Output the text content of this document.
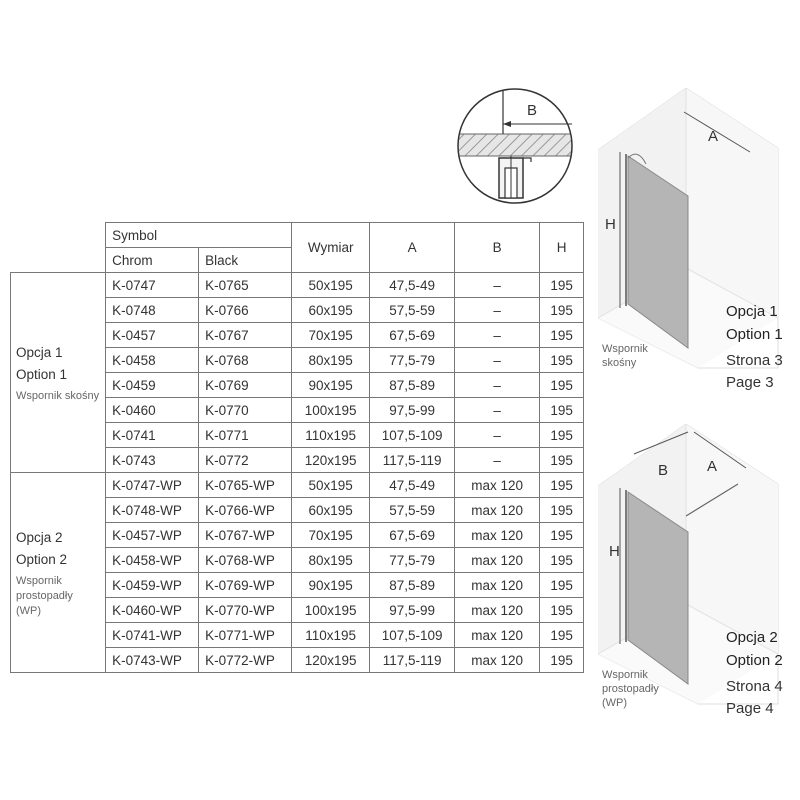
B
	Symbol		Wymiar	A	B	H
	Chrom	Black				

Opcja 1
Option 1
Wspornik skośny	K-0747	K-0765	50x195	47,5-49	–	195
	K-0748	K-0766	60x195	57,5-59	–	195
	K-0457	K-0767	70x195	67,5-69	–	195
	K-0458	K-0768	80x195	77,5-79	–	195
	K-0459	K-0769	90x195	87,5-89	–	195
	K-0460	K-0770	100x195	97,5-99	–	195
	K-0741	K-0771	110x195	107,5-109	–	195
	K-0743	K-0772	120x195	117,5-119	–	195

Opcja 2
Option 2
Wspornik
prostopadły
(WP)	K-0747-WP	K-0765-WP	50x195	47,5-49	max 120	195
	K-0748-WP	K-0766-WP	60x195	57,5-59	max 120	195
	K-0457-WP	K-0767-WP	70x195	67,5-69	max 120	195
	K-0458-WP	K-0768-WP	80x195	77,5-79	max 120	195
	K-0459-WP	K-0769-WP	90x195	87,5-89	max 120	195
	K-0460-WP	K-0770-WP	100x195	97,5-99	max 120	195
	K-0741-WP	K-0771-WP	110x195	107,5-109	max 120	195
	K-0743-WP	K-0772-WP	120x195	117,5-119	max 120	195
A
H
Opcja 1
Option 1
Strona 3
Page 3
Wspornik
skośny
B	A
H
Opcja 2
Option 2
Strona 4
Page 4
Wspornik
prostopadły
(WP)
